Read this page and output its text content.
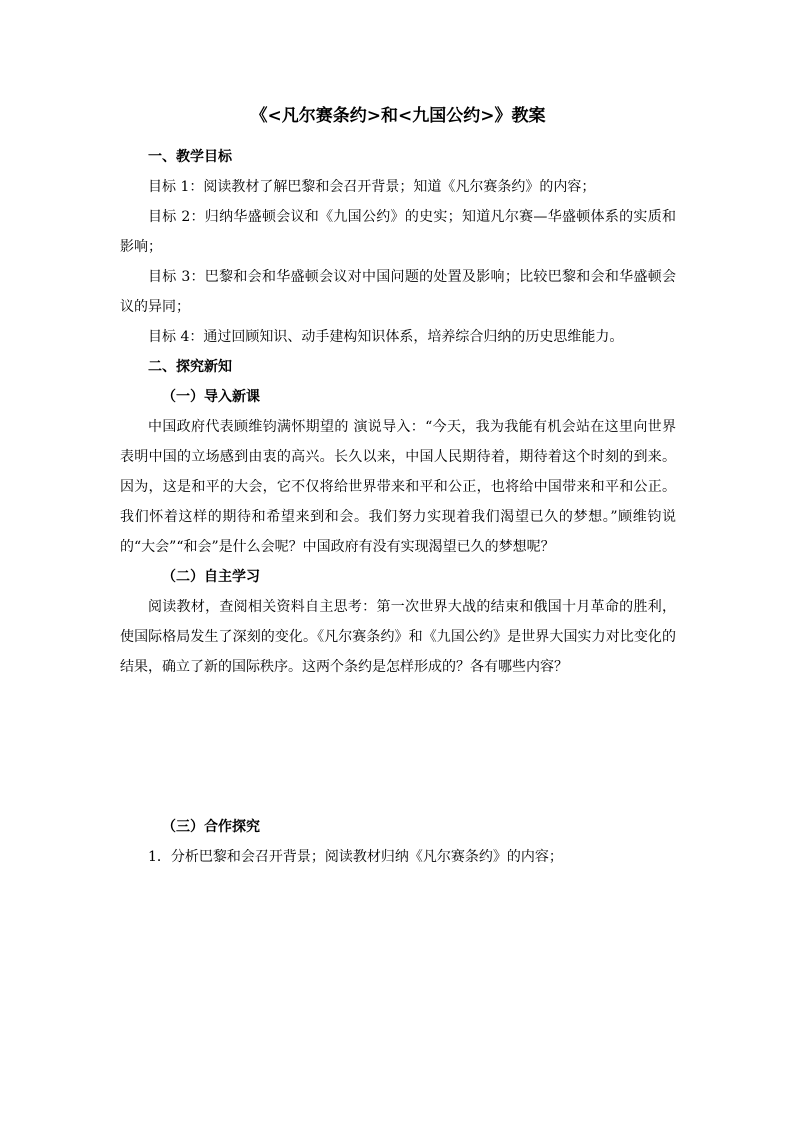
《<凡尔赛条约>和<九国公约>》教案
一、教学目标
目标 1：阅读教材了解巴黎和会召开背景；知道《凡尔赛条约》的内容；
目标 2：归纳华盛顿会议和《九国公约》的史实；知道凡尔赛—华盛顿体系的实质和影响；
目标 3：巴黎和会和华盛顿会议对中国问题的处置及影响；比较巴黎和会和华盛顿会议的异同；
目标 4：通过回顾知识、动手建构知识体系，培养综合归纳的历史思维能力。
二、探究新知
（一）导入新课
中国政府代表顾维钧满怀期望的 演说导入：“今天，我为我能有机会站在这里向世界表明中国的立场感到由衷的高兴。长久以来，中国人民期待着，期待着这个时刻的到来。因为，这是和平的大会，它不仅将给世界带来和平和公正，也将给中国带来和平和公正。我们怀着这样的期待和希望来到和会。我们努力实现着我们渴望已久的梦想。”顾维钧说的“大会”“和会”是什么会呢？中国政府有没有实现渴望已久的梦想呢？
（二）自主学习
阅读教材，查阅相关资料自主思考：第一次世界大战的结束和俄国十月革命的胜利，使国际格局发生了深刻的变化。《凡尔赛条约》和《九国公约》是世界大国实力对比变化的结果，确立了新的国际秩序。这两个条约是怎样形成的？各有哪些内容？
（三）合作探究
1．分析巴黎和会召开背景；阅读教材归纳《凡尔赛条约》的内容；
